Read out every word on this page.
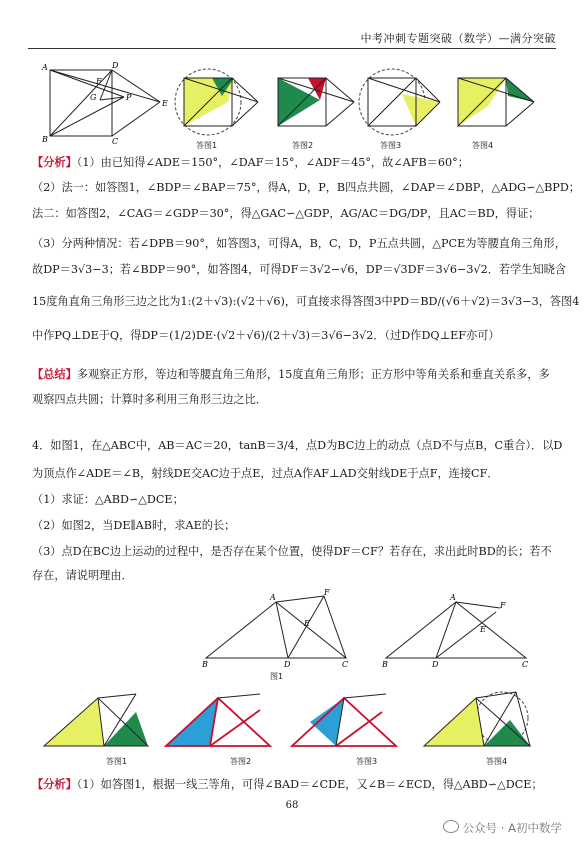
中考冲刺专题突破（数学）—满分突破
A
B
D
C
E
F
G	P
答图1	答图2	答图3	答图4
【分析】（1）由已知得∠ADE＝150°，∠DAF＝15°，∠ADF＝45°，故∠AFB＝60°；
（2）法一：如答图1，∠BDP＝∠BAP＝75°，得A，D，P，B四点共圆，∠DAP＝∠DBP，△ADG∽△BPD；
法二：如答图2，∠CAG＝∠GDP＝30°，得△GAC∽△GDP，AG/AC＝DG/DP，且AC＝BD，得证；
（3）分两种情况：若∠DPB＝90°，如答图3，可得A，B，C，D，P五点共圆，△PCE为等腰直角三角形，
故DP＝3√3−3；若∠BDP＝90°，如答图4，可得DF＝3√2−√6，DP＝√3DF＝3√6−3√2．若学生知晓含
15度角直角三角形三边之比为1:(2＋√3):(√2＋√6)，可直接求得答图3中PD＝BD/(√6＋√2)＝3√3−3，答图4
中作PQ⊥DE于Q，得DP＝(1/2)DE·(√2＋√6)/(2＋√3)＝3√6−3√2．（过D作DQ⊥EF亦可）
【总结】多观察正方形，等边和等腰直角三角形，15度直角三角形；正方形中等角关系和垂直关系多，多
观察四点共圆；计算时多利用三角形三边之比．
4．如图1，在△ABC中，AB＝AC＝20，tanB＝3/4，点D为BC边上的动点（点D不与点B，C重合）．以D
为顶点作∠ADE＝∠B，射线DE交AC边于点E，过点A作AF⊥AD交射线DE于点F，连接CF．
（1）求证：△ABD∽△DCE；
（2）如图2，当DE∥AB时，求AE的长；
（3）点D在BC边上运动的过程中，是否存在某个位置，使得DF＝CF？若存在，求出此时BD的长；若不
存在，请说明理由．
A
B	C
D
E
F
图1
A
B	C
D
E
F
答图1	答图2	答图3	答图4
【分析】（1）如答图1，根据一线三等角，可得∠BAD＝∠CDE，又∠B＝∠ECD，得△ABD∽△DCE；
68
公众号 · A初中数学
